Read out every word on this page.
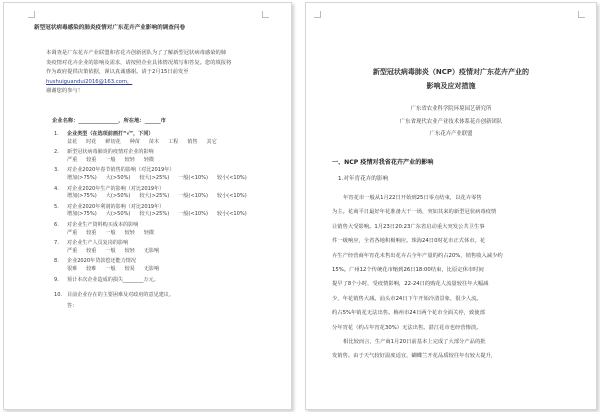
新型冠状病毒感染的肺炎疫情对广东花卉产业影响的调查问卷
本调查是广东花卉产业联盟和省花卉创新团队为了了解新型冠状病毒感染的肺
炎疫情对花卉企业的影响及需求，请按照企业具体情况填写和答复。您的填报将
作为政府提供决策依据，谨以真诚感谢。请于2月15日前发至
hushuiguandui2016@163.com，
谢谢您的参与！
企业名称：_______________，所在地：______市
1.	企业类型（在选项前画打“√”，下同）
盆花 时花 鲜切花 种苗 苗木 工程 销售 其它
2.	新型冠状病毒肺炎的疫情对企业的影响
严重 较重 一般 较轻 轻微
3.	对企业2020年春节销售的影响（对比2019年）
增加(>75%) 大(>50%) 较大(>25%) 一般(<10%) 较小(<10%)
4.	对企业2020年生产的影响（对比2019年）
增加(>75%) 大(>50%) 较大(>25%) 一般(<10%) 较小(<10%)
5.	对企业2020年利润的影响（对比2019年）
增加(>75%) 大(>50%) 较大(>25%) 一般(<10%) 较小(<10%)
6.	对企业生产资料购买成本的影响
严重 较重 一般 较轻 轻微
7.	对企业生产人员复岗的影响
严重 较重 一般 较轻 无影响
8.	企业2020年贷款偿还能力情况
很难 较难 一般 较易 无影响
9.	预计本次企业造成的损失________万元。
10. 目前企业存在的主要困难及对政府的意见建议。
答：
新型冠状病毒肺炎（NCP）疫情对广东花卉产业的
影响及应对措施
广东省农业科学院环境园艺研究所
广东省现代农业产业技术体系花卉创新团队
广东花卉产业联盟
一、NCP 疫情对我省花卉产业的影响
1.对年宵花卉的影响
年宵花市一般从1月22日开始到25日零点结束，以花卉零售
为主。花商平日最好年花准备大干一场，突如其来的新型冠状病毒疫情
让销售大受影响。1月23日20:23广东省启动重大突发公共卫生事
件一级响应，全省各地积极响应。珠海24日0时花市正式休市。花
卉生产经营商年宵花未售出花卉占全年产量的约占20%，销售收入减少约
15%。广州12个传统花市缩到26日18:00结束，比原定休市时间
提早了8个小时，受疫情影响，22-24日的购花人流量较往年大幅减
少，年花销售大减。汕头市24日下午开始冷清景象，很少人流。
约占5%年销花无法出售。梅州市24日两个花市全面关停，致使部
分年宵花（约占年宵花30%）无法出售。湛江花市也经营惨淡。
相比较而言，生产商1月20日前基本上完成了大部分产品的批
发销售。由于天气较好温度适宜，蝴蝶兰开花品质较往年有较大提升，
